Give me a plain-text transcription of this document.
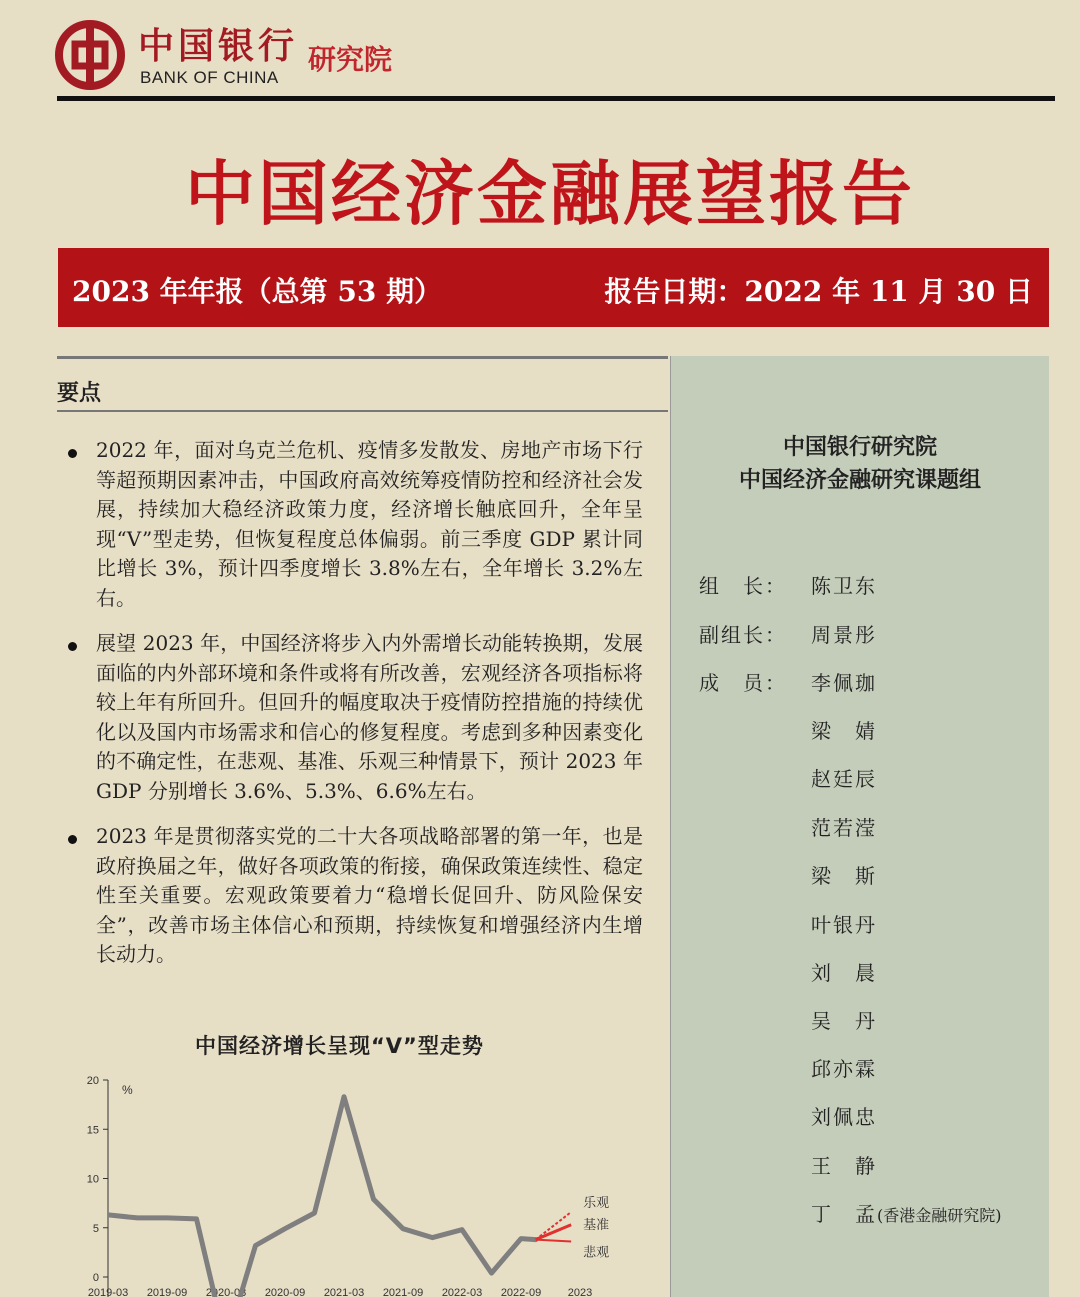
中国银行
BANK OF CHINA
研究院
中国经济金融展望报告
2023 年年报（总第 53 期）	报告日期：2022 年 11 月 30 日
要点
2022 年，面对乌克兰危机、疫情多发散发、房地产市场下行等超预期因素冲击，中国政府高效统筹疫情防控和经济社会发展，持续加大稳经济政策力度，经济增长触底回升，全年呈现“V”型走势，但恢复程度总体偏弱。前三季度 GDP 累计同比增长 3%，预计四季度增长 3.8%左右，全年增长 3.2%左右。
展望 2023 年，中国经济将步入内外需增长动能转换期，发展面临的内外部环境和条件或将有所改善，宏观经济各项指标将较上年有所回升。但回升的幅度取决于疫情防控措施的持续优化以及国内市场需求和信心的修复程度。考虑到多种因素变化的不确定性，在悲观、基准、乐观三种情景下，预计 2023 年 GDP 分别增长 3.6%、5.3%、6.6%左右。
2023 年是贯彻落实党的二十大各项战略部署的第一年，也是政府换届之年，做好各项政策的衔接，确保政策连续性、稳定性至关重要。宏观政策要着力“稳增长促回升、防风险保安全”，改善市场主体信心和预期，持续恢复和增强经济内生增长动力。
中国经济增长呈现“V”型走势
0
5
10
15
20
%
2019-03 2019-09 2020-03 2020-09 2021-03 2021-09 2022-03 2022-09 2023
乐观
基准
悲观
中国银行研究院
中国经济金融研究课题组
组　长： 陈卫东
副组长： 周景彤
成　员： 李佩珈
梁　婧
赵廷辰
范若滢
梁　斯
叶银丹
刘　晨
吴　丹
邱亦霖
刘佩忠
王　静
丁　孟(香港金融研究院)
